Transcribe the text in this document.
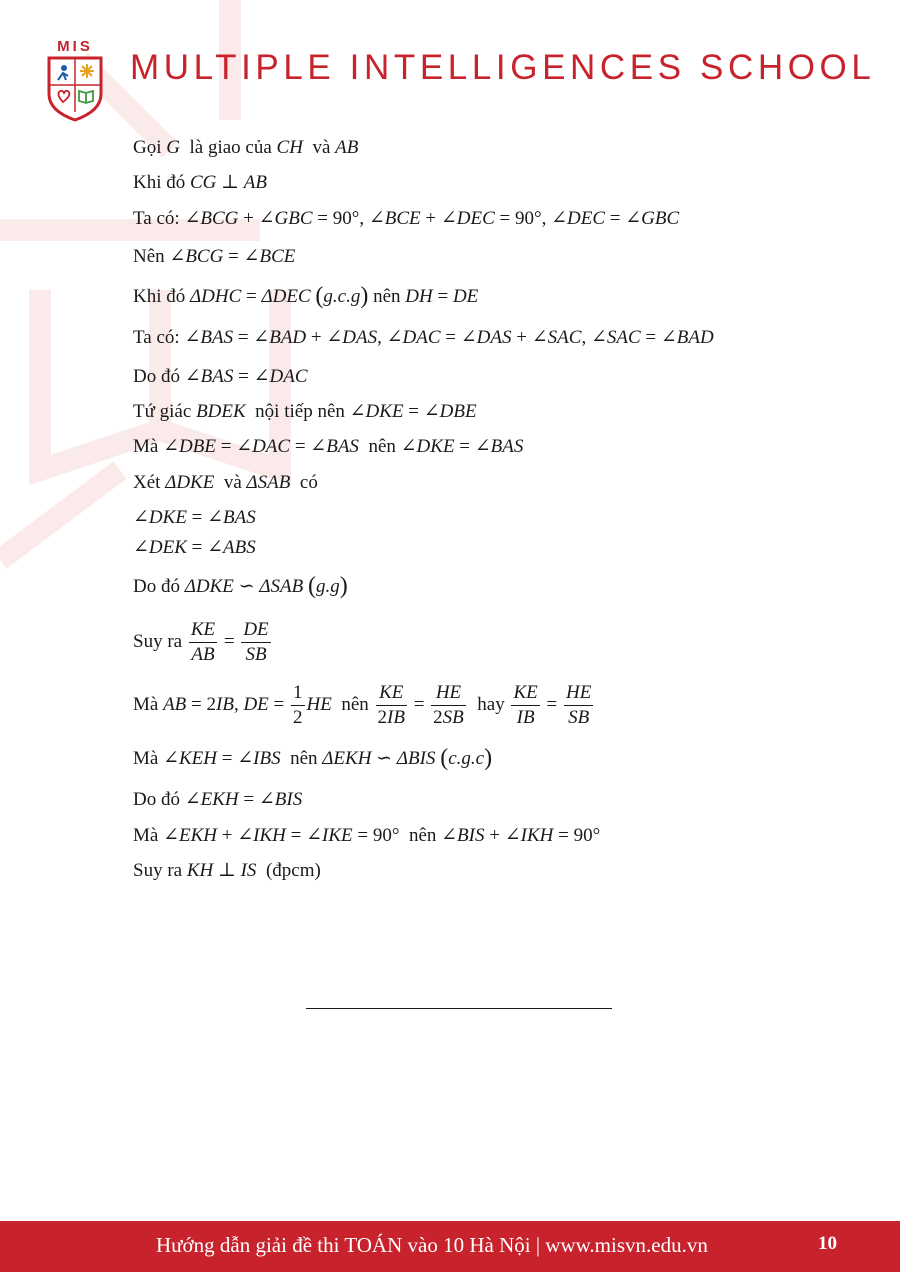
MIS
MULTIPLE INTELLIGENCES SCHOOL
Gọi G  là giao của CH  và AB
Khi đó CG ⊥ AB
Ta có: ∠BCG + ∠GBC = 90°, ∠BCE + ∠DEC = 90°, ∠DEC = ∠GBC
Nên ∠BCG = ∠BCE
Khi đó ΔDHC = ΔDEC (g.c.g) nên DH = DE
Ta có: ∠BAS = ∠BAD + ∠DAS, ∠DAC = ∠DAS + ∠SAC, ∠SAC = ∠BAD
Do đó ∠BAS = ∠DAC
Tứ giác BDEK  nội tiếp nên ∠DKE = ∠DBE
Mà ∠DBE = ∠DAC = ∠BAS  nên ∠DKE = ∠BAS
Xét ΔDKE  và ΔSAB  có
∠DKE = ∠BAS
∠DEK = ∠ABS
Do đó ΔDKE ∽ ΔSAB (g.g)
Suy ra $\frac{KE}{AB} = \frac{DE}{SB}$
Mà AB = 2IB, DE = $\frac{1}{2}$ HE  nên $\frac{KE}{2IB} = \frac{HE}{2SB}$ hay $\frac{KE}{IB} = \frac{HE}{SB}$
Mà ∠KEH = ∠IBS  nên ΔEKH ∽ ΔBIS (c.g.c)
Do đó ∠EKH = ∠BIS
Mà ∠EKH + ∠IKH = ∠IKE = 90°  nên ∠BIS + ∠IKH = 90°
Suy ra KH ⊥ IS  (đpcm)
Hướng dẫn giải đề thi TOÁN vào 10 Hà Nội | www.misvn.edu.vn	10
